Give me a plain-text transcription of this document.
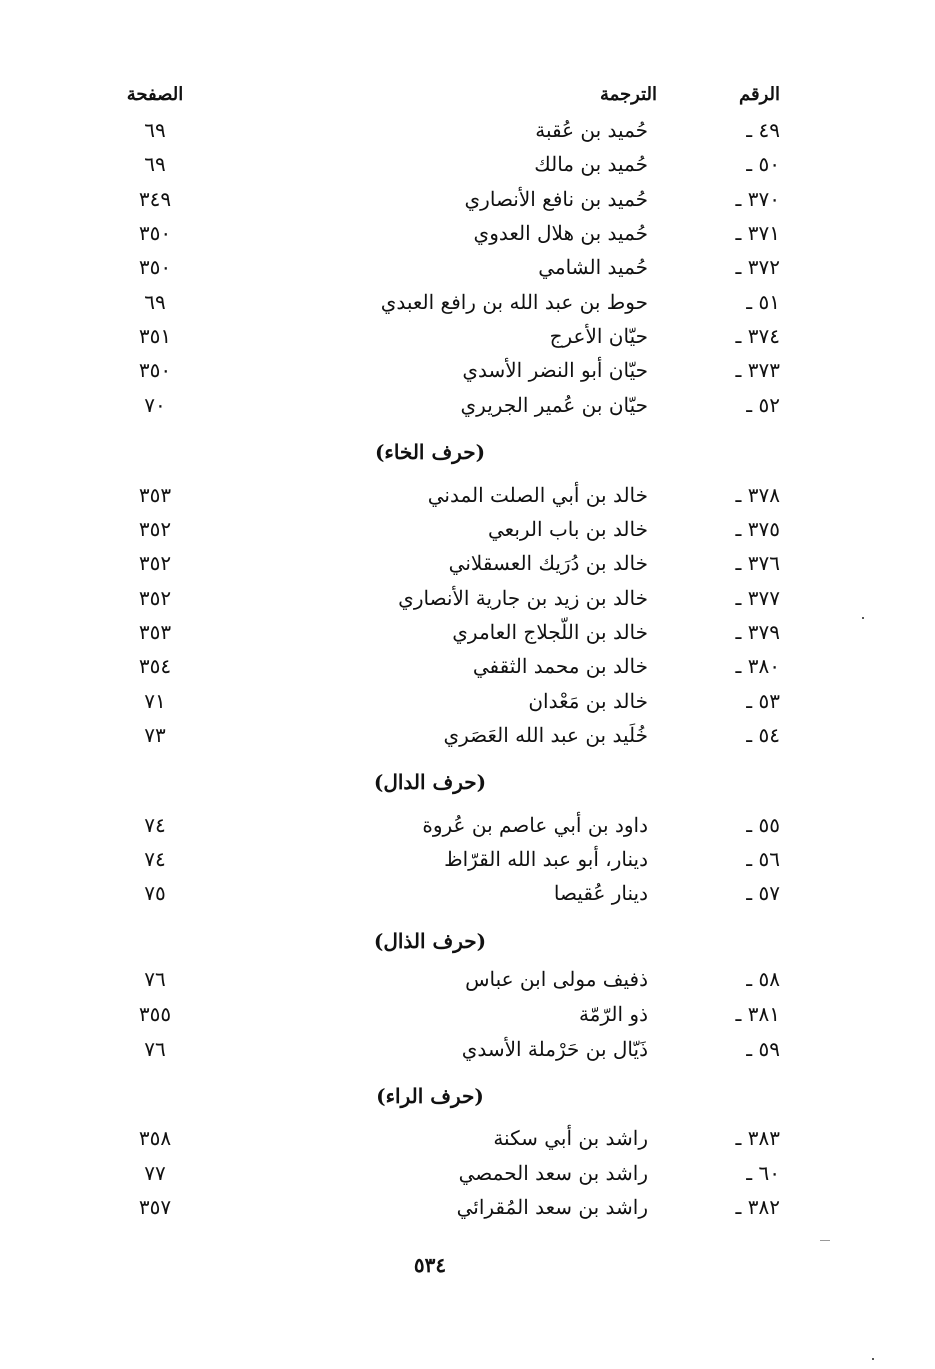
الرقم
الترجمة
الصفحة
٤٩ ـ
حُميد بن عُقبة
٦٩
٥٠ ـ
حُميد بن مالك
٦٩
٣٧٠ ـ
حُميد بن نافع الأنصاري
٣٤٩
٣٧١ ـ
حُميد بن هلال العدوي
٣٥٠
٣٧٢ ـ
حُميد الشامي
٣٥٠
٥١ ـ
حوط بن عبد الله بن رافع العبدي
٦٩
٣٧٤ ـ
حيّان الأعرج
٣٥١
٣٧٣ ـ
حيّان أبو النضر الأسدي
٣٥٠
٥٢ ـ
حيّان بن عُمير الجريري
٧٠
(حرف الخاء)
٣٧٨ ـ
خالد بن أبي الصلت المدني
٣٥٣
٣٧٥ ـ
خالد بن باب الربعي
٣٥٢
٣٧٦ ـ
خالد بن دُرَيك العسقلاني
٣٥٢
٣٧٧ ـ
خالد بن زيد بن جارية الأنصاري
٣٥٢
٣٧٩ ـ
خالد بن اللّجلاج العامري
٣٥٣
٣٨٠ ـ
خالد بن محمد الثقفي
٣٥٤
٥٣ ـ
خالد بن مَعْدان
٧١
٥٤ ـ
خُلَيد بن عبد الله العَصَري
٧٣
(حرف الدال)
٥٥ ـ
داود بن أبي عاصم بن عُروة
٧٤
٥٦ ـ
دينار، أبو عبد الله القرّاظ
٧٤
٥٧ ـ
دينار عُقيصا
٧٥
(حرف الذال)
٥٨ ـ
ذفيف مولى ابن عباس
٧٦
٣٨١ ـ
ذو الرّمّة
٣٥٥
٥٩ ـ
ذَيّال بن حَرْملة الأسدي
٧٦
(حرف الراء)
٣٨٣ ـ
راشد بن أبي سكنة
٣٥٨
٦٠ ـ
راشد بن سعد الحمصي
٧٧
٣٨٢ ـ
راشد بن سعد المُقرائي
٣٥٧
٥٣٤
